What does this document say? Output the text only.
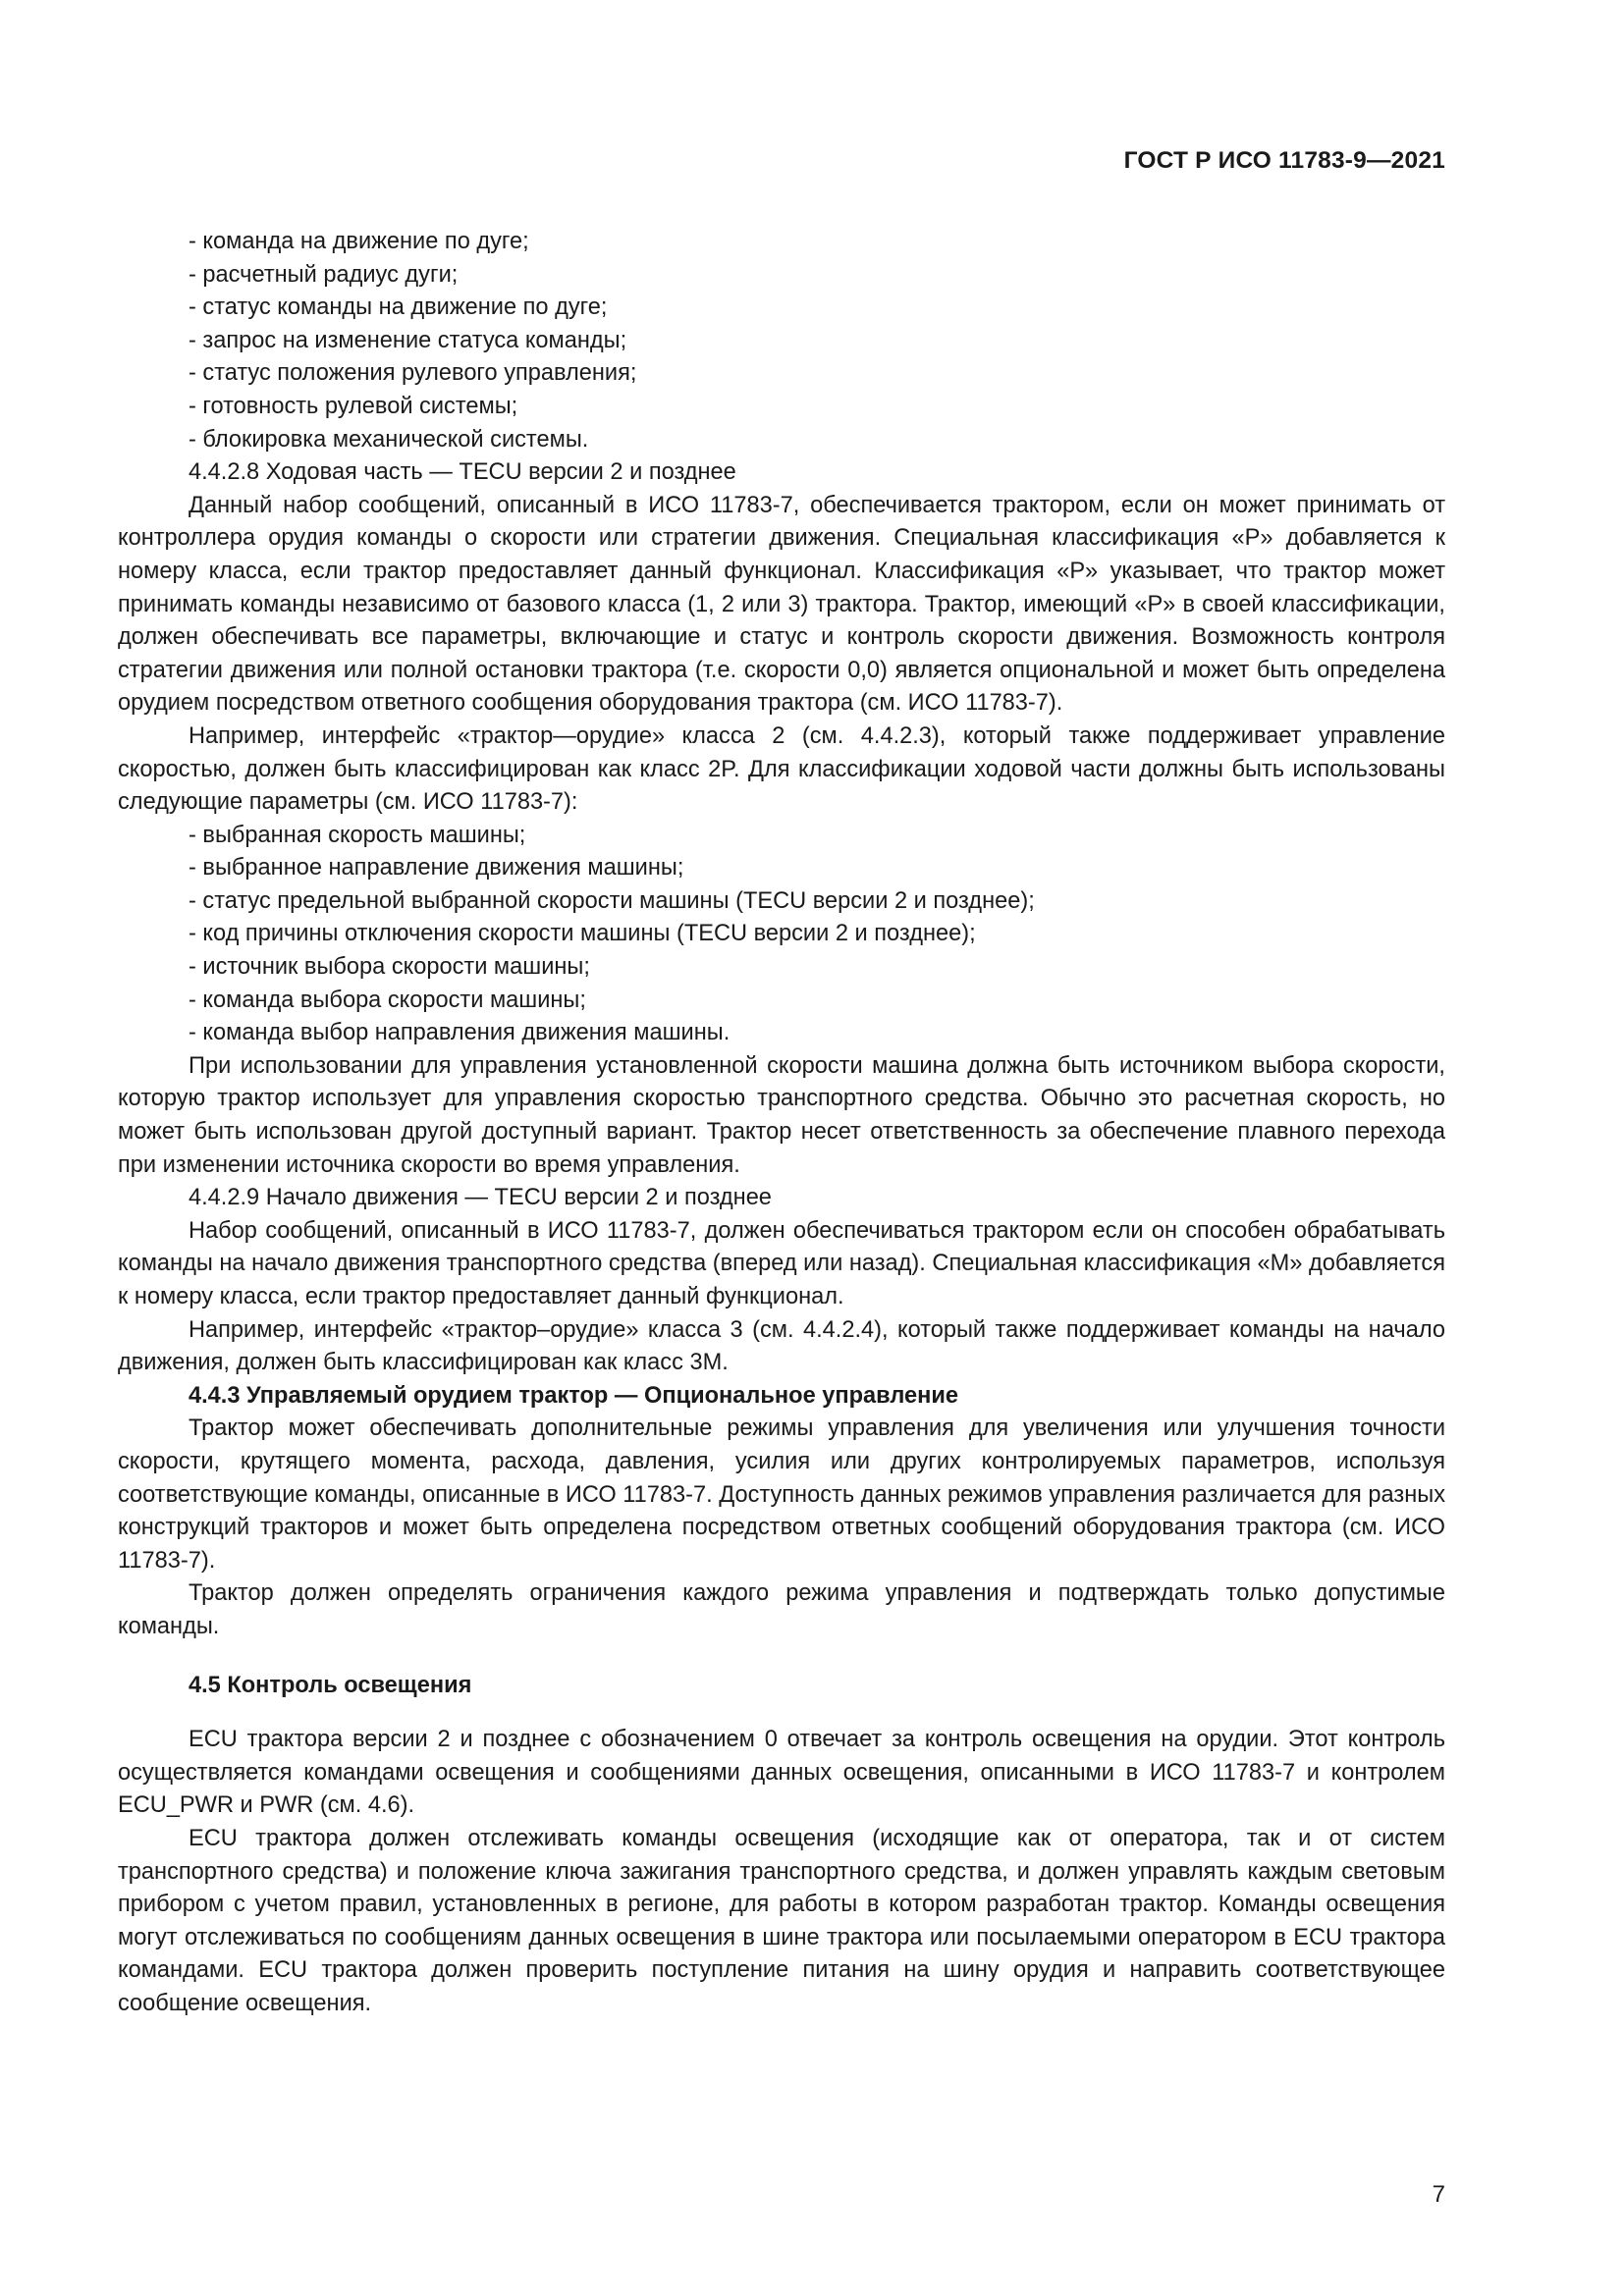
ГОСТ Р ИСО 11783-9—2021
- команда на движение по дуге;
- расчетный радиус дуги;
- статус команды на движение по дуге;
- запрос на изменение статуса команды;
- статус положения рулевого управления;
- готовность рулевой системы;
- блокировка механической системы.
4.4.2.8 Ходовая часть — TECU версии 2 и позднее

Данный набор сообщений, описанный в ИСО 11783-7, обеспечивается трактором, если он может принимать от контроллера орудия команды о скорости или стратегии движения. Специальная классификация «P» добавляется к номеру класса, если трактор предоставляет данный функционал. Классификация «P» указывает, что трактор может принимать команды независимо от базового класса (1, 2 или 3) трактора. Трактор, имеющий «P» в своей классификации, должен обеспечивать все параметры, включающие и статус и контроль скорости движения. Возможность контроля стратегии движения или полной остановки трактора (т.е. скорости 0,0) является опциональной и может быть определена орудием посредством ответного сообщения оборудования трактора (см. ИСО 11783-7).

Например, интерфейс «трактор—орудие» класса 2 (см. 4.4.2.3), который также поддерживает управление скоростью, должен быть классифицирован как класс 2P. Для классификации ходовой части должны быть использованы следующие параметры (см. ИСО 11783-7):

- выбранная скорость машины;
- выбранное направление движения машины;
- статус предельной выбранной скорости машины (TECU версии 2 и позднее);
- код причины отключения скорости машины (TECU версии 2 и позднее);
- источник выбора скорости машины;
- команда выбора скорости машины;
- команда выбор направления движения машины.

При использовании для управления установленной скорости машина должна быть источником выбора скорости, которую трактор использует для управления скоростью транспортного средства. Обычно это расчетная скорость, но может быть использован другой доступный вариант. Трактор несет ответственность за обеспечение плавного перехода при изменении источника скорости во время управления.

4.4.2.9 Начало движения — TECU версии 2 и позднее

Набор сообщений, описанный в ИСО 11783-7, должен обеспечиваться трактором если он способен обрабатывать команды на начало движения транспортного средства (вперед или назад). Специальная классификация «M» добавляется к номеру класса, если трактор предоставляет данный функционал.

Например, интерфейс «трактор–орудие» класса 3 (см. 4.4.2.4), который также поддерживает команды на начало движения, должен быть классифицирован как класс 3M.

4.4.3 Управляемый орудием трактор — Опциональное управление

Трактор может обеспечивать дополнительные режимы управления для увеличения или улучшения точности скорости, крутящего момента, расхода, давления, усилия или других контролируемых параметров, используя соответствующие команды, описанные в ИСО 11783-7. Доступность данных режимов управления различается для разных конструкций тракторов и может быть определена посредством ответных сообщений оборудования трактора (см. ИСО 11783-7).

Трактор должен определять ограничения каждого режима управления и подтверждать только допустимые команды.

4.5 Контроль освещения

ECU трактора версии 2 и позднее с обозначением 0 отвечает за контроль освещения на орудии. Этот контроль осуществляется командами освещения и сообщениями данных освещения, описанными в ИСО 11783-7 и контролем ECU_PWR и PWR (см. 4.6).

ECU трактора должен отслеживать команды освещения (исходящие как от оператора, так и от систем транспортного средства) и положение ключа зажигания транспортного средства, и должен управлять каждым световым прибором с учетом правил, установленных в регионе, для работы в котором разработан трактор. Команды освещения могут отслеживаться по сообщениям данных освещения в шине трактора или посылаемыми оператором в ECU трактора командами. ECU трактора должен проверить поступление питания на шину орудия и направить соответствующее сообщение освещения.

7
